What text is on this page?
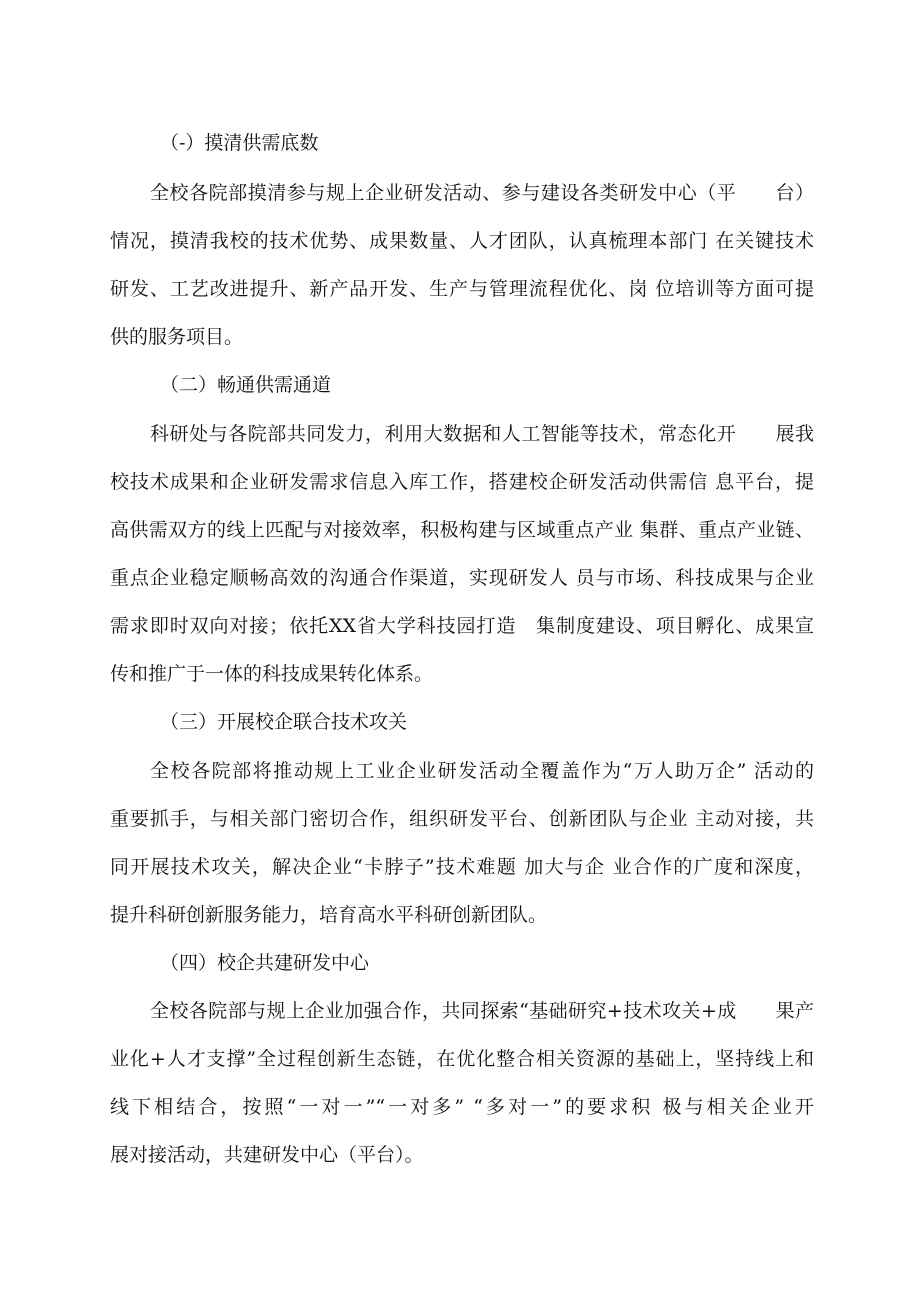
（-）摸清供需底数

全校各院部摸清参与规上企业研发活动、参与建设各类研发中心（平　　台）

情况，摸清我校的技术优势、成果数量、人才团队，认真梳理本部门 在关键技术

研发、工艺改进提升、新产品开发、生产与管理流程优化、岗 位培训等方面可提

供的服务项目。

（二）畅通供需通道

科研处与各院部共同发力，利用大数据和人工智能等技术，常态化开　　展我

校技术成果和企业研发需求信息入库工作，搭建校企研发活动供需信 息平台，提

高供需双方的线上匹配与对接效率，积极构建与区域重点产业 集群、重点产业链、

重点企业稳定顺畅高效的沟通合作渠道，实现研发人 员与市场、科技成果与企业

需求即时双向对接；依托XX省大学科技园打造　集制度建设、项目孵化、成果宣

传和推广于一体的科技成果转化体系。

（三）开展校企联合技术攻关

全校各院部将推动规上工业企业研发活动全覆盖作为“万人助万企” 活动的

重要抓手，与相关部门密切合作，组织研发平台、创新团队与企业 主动对接，共

同开展技术攻关，解决企业“卡脖子”技术难题 加大与企 业合作的广度和深度，

提升科研创新服务能力，培育高水平科研创新团队。

（四）校企共建研发中心

全校各院部与规上企业加强合作，共同探索“基础研究+技术攻关+成　　果产

业化+人才支撑”全过程创新生态链，在优化整合相关资源的基础上，坚持线上和

线下相结合，按照“一对一”“一对多” “多对一”的要求积 极与相关企业开

展对接活动，共建研发中心（平台）。
